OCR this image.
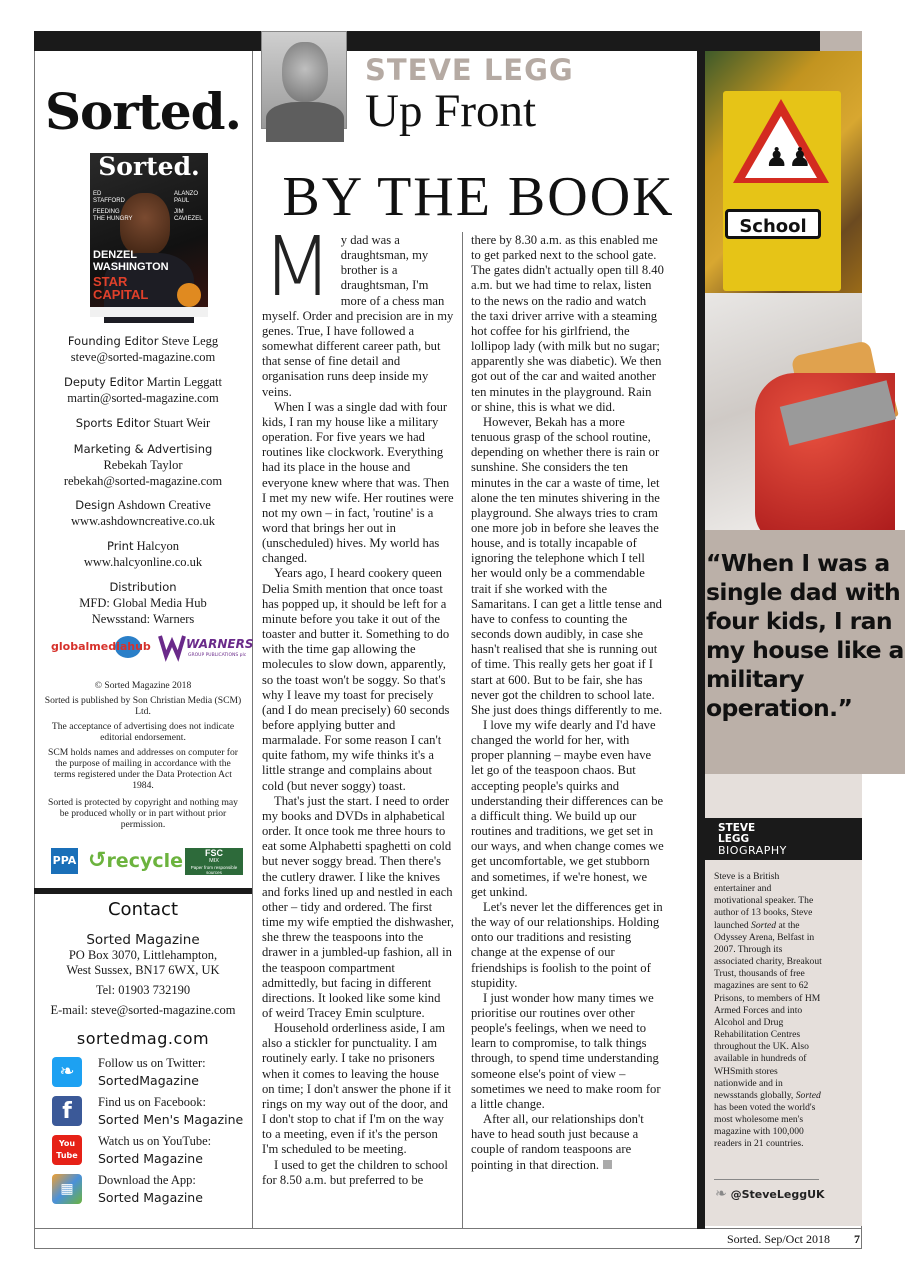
Sorted.
Sorted.
ED STAFFORD
FEEDING THE HUNGRY
ALANZO PAUL
JIM CAVIEZEL
DENZEL
WASHINGTON
STAR
CAPITAL
Founding Editor Steve Legg
steve@sorted-magazine.com
Deputy Editor Martin Leggatt
martin@sorted-magazine.com
Sports Editor Stuart Weir
Marketing & Advertising
Rebekah Taylor
rebekah@sorted-magazine.com
Design Ashdown Creative
www.ashdowncreative.co.uk
Print Halcyon
www.halcyonline.co.uk
Distribution
MFD: Global Media Hub
Newsstand: Warners
globalmediahub	WARNERS
GROUP PUBLICATIONS plc
© Sorted Magazine 2018
Sorted is published by Son Christian Media (SCM) Ltd.
The acceptance of advertising does not indicate editorial endorsement.
SCM holds names and addresses on computer for the purpose of mailing in accordance with the terms registered under the Data Protection Act 1984.
Sorted is protected by copyright and nothing may be produced wholly or in part without prior permission.
PPA ↺recycle	FSC
MIX
Paper from responsible sources
FSC® C015185
Contact
Sorted Magazine
PO Box 3070, Littlehampton,
West Sussex, BN17 6WX, UK
Tel: 01903 732190
E-mail: steve@sorted-magazine.com
sortedmag.com
❧	Follow us on Twitter:
SortedMagazine
f	Find us on Facebook:
Sorted Men's Magazine
You
Tube
Watch us on YouTube:
Sorted Magazine
▦
Download the App:
Sorted Magazine
STEVE LEGG
Up Front
BY THE BOOK

My dad was a draughtsman, my brother is a draughtsman, I'm more of a chess man myself. Order and precision are in my genes. True, I have followed a somewhat different career path, but that sense of fine detail and organisation runs deep inside my veins.

When I was a single dad with four kids, I ran my house like a military operation. For five years we had routines like clockwork. Everything had its place in the house and everyone knew where that was. Then I met my new wife. Her routines were not my own – in fact, 'routine' is a word that brings her out in (unscheduled) hives. My world has changed.

Years ago, I heard cookery queen Delia Smith mention that once toast has popped up, it should be left for a minute before you take it out of the toaster and butter it. Something to do with the time gap allowing the molecules to slow down, apparently, so the toast won't be soggy. So that's why I leave my toast for precisely (and I do mean precisely) 60 seconds before applying butter and marmalade. For some reason I can't quite fathom, my wife thinks it's a little strange and complains about cold (but never soggy) toast.

That's just the start. I need to order my books and DVDs in alphabetical order. It once took me three hours to eat some Alphabetti spaghetti on cold but never soggy bread. Then there's the cutlery drawer. I like the knives and forks lined up and nestled in each other – tidy and ordered. The first time my wife emptied the dishwasher, she threw the teaspoons into the drawer in a jumbled-up fashion, all in the teaspoon compartment admittedly, but facing in different directions. It looked like some kind of weird Tracey Emin sculpture.

Household orderliness aside, I am also a stickler for punctuality. I am routinely early. I take no prisoners when it comes to leaving the house on time; I don't answer the phone if it rings on my way out of the door, and I don't stop to chat if I'm on the way to a meeting, even if it's the person I'm scheduled to be meeting.

I used to get the children to school for 8.50 a.m. but preferred to be

there by 8.30 a.m. as this enabled me to get parked next to the school gate. The gates didn't actually open till 8.40 a.m. but we had time to relax, listen to the news on the radio and watch the taxi driver arrive with a steaming hot coffee for his girlfriend, the lollipop lady (with milk but no sugar; apparently she was diabetic). We then got out of the car and waited another ten minutes in the playground. Rain or shine, this is what we did.

However, Bekah has a more tenuous grasp of the school routine, depending on whether there is rain or sunshine. She considers the ten minutes in the car a waste of time, let alone the ten minutes shivering in the playground. She always tries to cram one more job in before she leaves the house, and is totally incapable of ignoring the telephone which I tell her would only be a commendable trait if she worked with the Samaritans. I can get a little tense and have to confess to counting the seconds down audibly, in case she hasn't realised that she is running out of time. This really gets her goat if I start at 600. But to be fair, she has never got the children to school late. She just does things differently to me.

I love my wife dearly and I'd have changed the world for her, with proper planning – maybe even have let go of the teaspoon chaos. But accepting people's quirks and understanding their differences can be a difficult thing. We build up our routines and traditions, we get set in our ways, and when change comes we get uncomfortable, we get stubborn and sometimes, if we're honest, we get unkind.

Let's never let the differences get in the way of our relationships. Holding onto our traditions and resisting change at the expense of our friendships is foolish to the point of stupidity.

I just wonder how many times we prioritise our routines over other people's feelings, when we need to learn to compromise, to talk things through, to spend time understanding someone else's point of view – sometimes we need to make room for a little change.

After all, our relationships don't have to head south just because a couple of random teaspoons are pointing in that direction.

♟♟
School
“When I was a single dad with four kids, I ran my house like a military operation.”
STEVE
LEGG
BIOGRAPHY
Steve is a British entertainer and motivational speaker. The author of 13 books, Steve launched Sorted at the Odyssey Arena, Belfast in 2007. Through its associated charity, Breakout Trust, thousands of free magazines are sent to 62 Prisons, to members of HM Armed Forces and into Alcohol and Drug Rehabilitation Centres throughout the UK. Also available in hundreds of WHSmith stores nationwide and in newsstands globally, Sorted has been voted the world's most wholesome men's magazine with 100,000 readers in 21 countries.
❧ @SteveLeggUK
Sorted. Sep/Oct 2018 7
